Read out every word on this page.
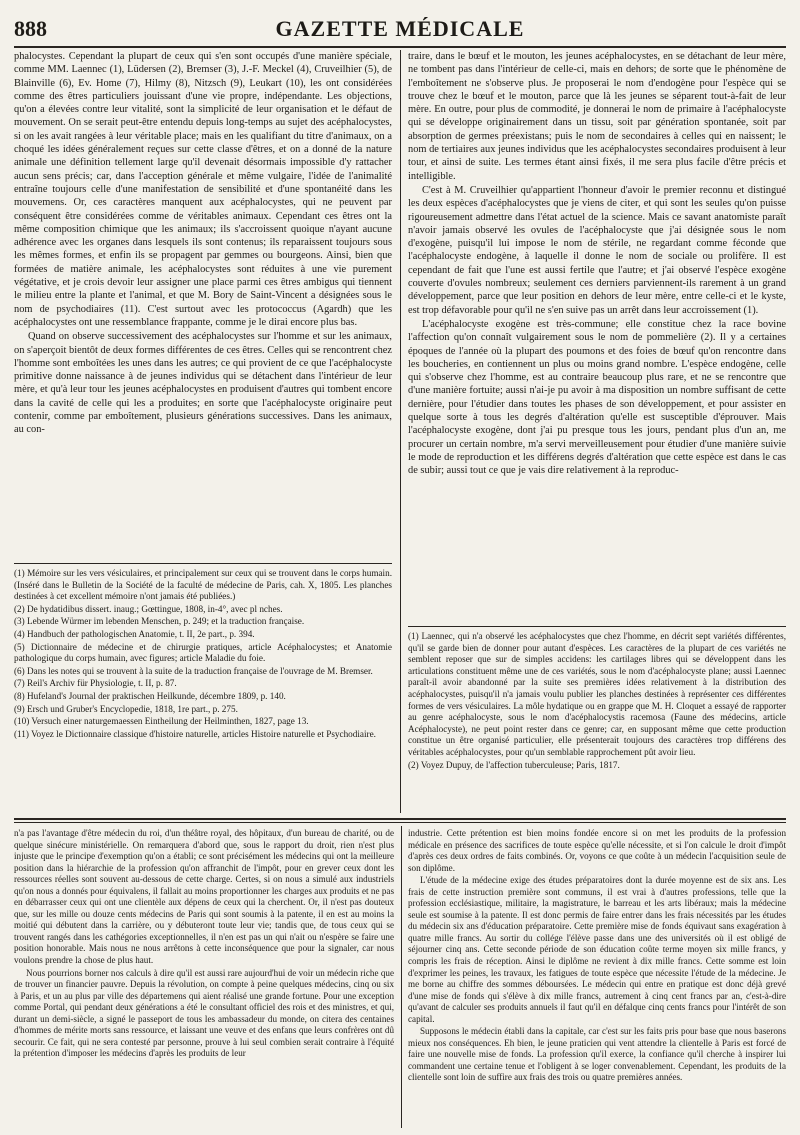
GAZETTE MÉDICALE
888

phalocystes. Cependant la plupart de ceux qui s'en sont occupés d'une manière spéciale, comme MM. Laennec (1), Lüdersen (2), Bremser (3), J.-F. Meckel (4), Cruveilhier (5), de Blainville (6), Ev. Home (7), Hilmy (8), Nitzsch (9), Leukart (10), les ont considérées comme des êtres particuliers jouissant d'une vie propre, indépendante. Les objections, qu'on a élevées contre leur vitalité, sont la simplicité de leur organisation et le défaut de mouvement. On se serait peut-être entendu depuis long-temps au sujet des acéphalocystes, si on les avait rangées à leur véritable place; mais en les qualifiant du titre d'animaux, on a choqué les idées généralement reçues sur cette classe d'êtres, et on a donné de la nature animale une définition tellement large qu'il devenait désormais impossible d'y rattacher aucun sens précis; car, dans l'acception générale et même vulgaire, l'idée de l'animalité entraîne toujours celle d'une manifestation de sensibilité et d'une spontanéité dans les mouvemens. Or, ces caractères manquent aux acéphalocystes, qui ne peuvent par conséquent être considérées comme de véritables animaux. Cependant ces êtres ont la même composition chimique que les animaux; ils s'accroissent quoique n'ayant aucune adhérence avec les organes dans lesquels ils sont contenus; ils reparaissent toujours sous les mêmes formes, et enfin ils se propagent par gemmes ou bourgeons. Ainsi, bien que formées de matière animale, les acéphalocystes sont réduites à une vie purement végétative, et je crois devoir leur assigner une place parmi ces êtres ambigus qui tiennent le milieu entre la plante et l'animal, et que M. Bory de Saint-Vincent a désignées sous le nom de psychodiaires (11). C'est surtout avec les protococcus (Agardh) que les acéphalocystes ont une ressemblance frappante, comme je le dirai encore plus bas.

Quand on observe successivement des acéphalocystes sur l'homme et sur les animaux, on s'aperçoit bientôt de deux formes différentes de ces êtres. Celles qui se rencontrent chez l'homme sont emboîtées les unes dans les autres; ce qui provient de ce que l'acéphalocyste primitive donne naissance à de jeunes individus qui se détachent dans l'intérieur de leur mère, et qu'à leur tour les jeunes acéphalocystes en produisent d'autres qui tombent encore dans la cavité de celle qui les a produites; en sorte que l'acéphalocyste originaire peut contenir, comme par emboîtement, plusieurs générations successives. Dans les animaux, au con-

traire, dans le bœuf et le mouton, les jeunes acéphalocystes, en se détachant de leur mère, ne tombent pas dans l'intérieur de celle-ci, mais en dehors; de sorte que le phénomène de l'emboîtement ne s'observe plus. Je proposerai le nom d'endogène pour l'espèce qui se trouve chez le bœuf et le mouton, parce que là les jeunes se séparent tout-à-fait de leur mère. En outre, pour plus de commodité, je donnerai le nom de primaire à l'acéphalocyste qui se développe originairement dans un tissu, soit par génération spontanée, soit par absorption de germes préexistans; puis le nom de secondaires à celles qui en naissent; le nom de tertiaires aux jeunes individus que les acéphalocystes secondaires produisent à leur tour, et ainsi de suite. Les termes étant ainsi fixés, il me sera plus facile d'être précis et intelligible.

C'est à M. Cruveilhier qu'appartient l'honneur d'avoir le premier reconnu et distingué les deux espèces d'acéphalocystes que je viens de citer, et qui sont les seules qu'on puisse rigoureusement admettre dans l'état actuel de la science. Mais ce savant anatomiste paraît n'avoir jamais observé les ovules de l'acéphalocyste que j'ai désignée sous le nom d'exogène, puisqu'il lui impose le nom de stérile, ne regardant comme féconde que l'acéphalocyste endogène, à laquelle il donne le nom de sociale ou prolifère. Il est cependant de fait que l'une est aussi fertile que l'autre; et j'ai observé l'espèce exogène couverte d'ovules nombreux; seulement ces derniers parviennent-ils rarement à un grand développement, parce que leur position en dehors de leur mère, entre celle-ci et le kyste, est trop défavorable pour qu'il ne s'en suive pas un arrêt dans leur accroissement (1).

L'acéphalocyste exogène est très-commune; elle constitue chez la race bovine l'affection qu'on connaît vulgairement sous le nom de pommelière (2). Il y a certaines époques de l'année où la plupart des poumons et des foies de bœuf qu'on rencontre dans les boucheries, en contiennent un plus ou moins grand nombre. L'espèce endogène, celle qui s'observe chez l'homme, est au contraire beaucoup plus rare, et ne se rencontre que d'une manière fortuite; aussi n'ai-je pu avoir à ma disposition un nombre suffisant de cette dernière, pour l'étudier dans toutes les phases de son développement, et pour assister en quelque sorte à tous les degrés d'altération qu'elle est susceptible d'éprouver. Mais l'acéphalocyste exogène, dont j'ai pu presque tous les jours, pendant plus d'un an, me procurer un certain nombre, m'a servi merveilleusement pour étudier d'une manière suivie le mode de reproduction et les différens degrés d'altération que cette espèce est dans le cas de subir; aussi tout ce que je vais dire relativement à la reproduc-

(1) Mémoire sur les vers vésiculaires, et principalement sur ceux qui se trouvent dans le corps humain. (Inséré dans le Bulletin de la Société de la faculté de médecine de Paris, cah. X, 1805. Les planches destinées à cet excellent mémoire n'ont jamais été publiées.)

(2) De hydatidibus dissert. inaug.; Gœttingue, 1808, in-4°, avec pl nches.

(3) Lebende Würmer im lebenden Menschen, p. 249; et la traduction française.

(4) Handbuch der pathologischen Anatomie, t. II, 2e part., p. 394.

(5) Dictionnaire de médecine et de chirurgie pratiques, article Acéphalocystes; et Anatomie pathologique du corps humain, avec figures; article Maladie du foie.

(6) Dans les notes qui se trouvent à la suite de la traduction française de l'ouvrage de M. Bremser.

(7) Reil's Archiv für Physiologie, t. II, p. 87.

(8) Hufeland's Journal der praktischen Heilkunde, décembre 1809, p. 140.

(9) Ersch und Gruber's Encyclopedie, 1818, 1re part., p. 275.

(10) Versuch einer naturgemaessen Eintheilung der Heilminthen, 1827, page 13.

(11) Voyez le Dictionnaire classique d'histoire naturelle, articles Histoire naturelle et Psychodiaire.

(1) Laennec, qui n'a observé les acéphalocystes que chez l'homme, en décrit sept variétés différentes, qu'il se garde bien de donner pour autant d'espèces. Les caractères de la plupart de ces variétés ne semblent reposer que sur de simples accidens: les cartilages libres qui se développent dans les articulations constituent même une de ces variétés, sous le nom d'acéphalocyste plane; aussi Laennec paraît-il avoir abandonné par la suite ses premières idées relativement à la distribution des acéphalocystes, puisqu'il n'a jamais voulu publier les planches destinées à représenter ces différentes formes de vers vésiculaires. La môle hydatique ou en grappe que M. H. Cloquet a essayé de rapporter au genre acéphalocyste, sous le nom d'acéphalocystis racemosa (Faune des médecins, article Acéphalocyste), ne peut point rester dans ce genre; car, en supposant même que cette production constitue un être organisé particulier, elle présenterait toujours des caractères trop différens des véritables acéphalocystes, pour qu'un semblable rapprochement pût avoir lieu.

(2) Voyez Dupuy, de l'affection tuberculeuse; Paris, 1817.

n'a pas l'avantage d'être médecin du roi, d'un théâtre royal, des hôpitaux, d'un bureau de charité, ou de quelque sinécure ministérielle. On remarquera d'abord que, sous le rapport du droit, rien n'est plus injuste que le principe d'exemption qu'on a établi; ce sont précisément les médecins qui ont la meilleure position dans la hiérarchie de la profession qu'on affranchit de l'impôt, pour en grever ceux dont les ressources réelles sont souvent au-dessous de cette charge. Certes, si on nous a simulé aux industriels qu'on nous a donnés pour équivalens, il fallait au moins proportionner les charges aux produits et ne pas en débarrasser ceux qui ont une clientèle aux dépens de ceux qui la cherchent. Or, il n'est pas douteux que, sur les mille ou douze cents médecins de Paris qui sont soumis à la patente, il en est au moins la moitié qui débutent dans la carrière, ou y débuteront toute leur vie; tandis que, de tous ceux qui se trouvent rangés dans les cathégories exceptionnelles, il n'en est pas un qui n'ait ou n'espère se faire une position honorable. Mais nous ne nous arrêtons à cette inconséquence que pour la signaler, car nous voulons prendre la chose de plus haut.

Nous pourrions borner nos calculs à dire qu'il est aussi rare aujourd'hui de voir un médecin riche que de trouver un financier pauvre. Depuis la révolution, on compte à peine quelques médecins, cinq ou six à Paris, et un au plus par ville des départemens qui aient réalisé une grande fortune. Pour une exception comme Portal, qui pendant deux générations a été le consultant officiel des rois et des ministres, et qui, durant un demi-siècle, a signé le passeport de tous les ambassadeur du monde, on citera des centaines d'hommes de mérite morts sans ressource, et laissant une veuve et des enfans que leurs confrères ont dû secourir. Ce fait, qui ne sera contesté par personne, prouve à lui seul combien serait contraire à l'équité la prétention d'imposer les médecins d'après les produits de leur

industrie. Cette prétention est bien moins fondée encore si on met les produits de la profession médicale en présence des sacrifices de toute espèce qu'elle nécessite, et si l'on calcule le droit d'impôt d'après ces deux ordres de faits combinés. Or, voyons ce que coûte à un médecin l'acquisition seule de son diplôme.

L'étude de la médecine exige des études préparatoires dont la durée moyenne est de six ans. Les frais de cette instruction première sont communs, il est vrai à d'autres professions, telle que la profession ecclésiastique, militaire, la magistrature, le barreau et les arts libéraux; mais la médecine seule est soumise à la patente. Il est donc permis de faire entrer dans les frais nécessités par les études du médecin six ans d'éducation préparatoire. Cette première mise de fonds équivaut sans exagération à quatre mille francs. Au sortir du collége l'élève passe dans une des universités où il est obligé de séjourner cinq ans. Cette seconde période de son éducation coûte terme moyen six mille francs, y compris les frais de réception. Ainsi le diplôme ne revient à dix mille francs. Cette somme est loin d'exprimer les peines, les travaux, les fatigues de toute espèce que nécessite l'étude de la médecine. Je me borne au chiffre des sommes déboursées. Le médecin qui entre en pratique est donc déjà grevé d'une mise de fonds qui s'élève à dix mille francs, autrement à cinq cent francs par an, c'est-à-dire qu'avant de calculer ses produits annuels il faut qu'il en défalque cinq cents francs pour l'intérêt de son capital.

Supposons le médecin établi dans la capitale, car c'est sur les faits pris pour base que nous baserons mieux nos conséquences. Eh bien, le jeune praticien qui vent attendre la clientelle à Paris est forcé de faire une nouvelle mise de fonds. La profession qu'il exerce, la confiance qu'il cherche à inspirer lui commandent une certaine tenue et l'obligent à se loger convenablement. Cependant, les produits de la clientelle sont loin de suffire aux frais des trois ou quatre premières années.
